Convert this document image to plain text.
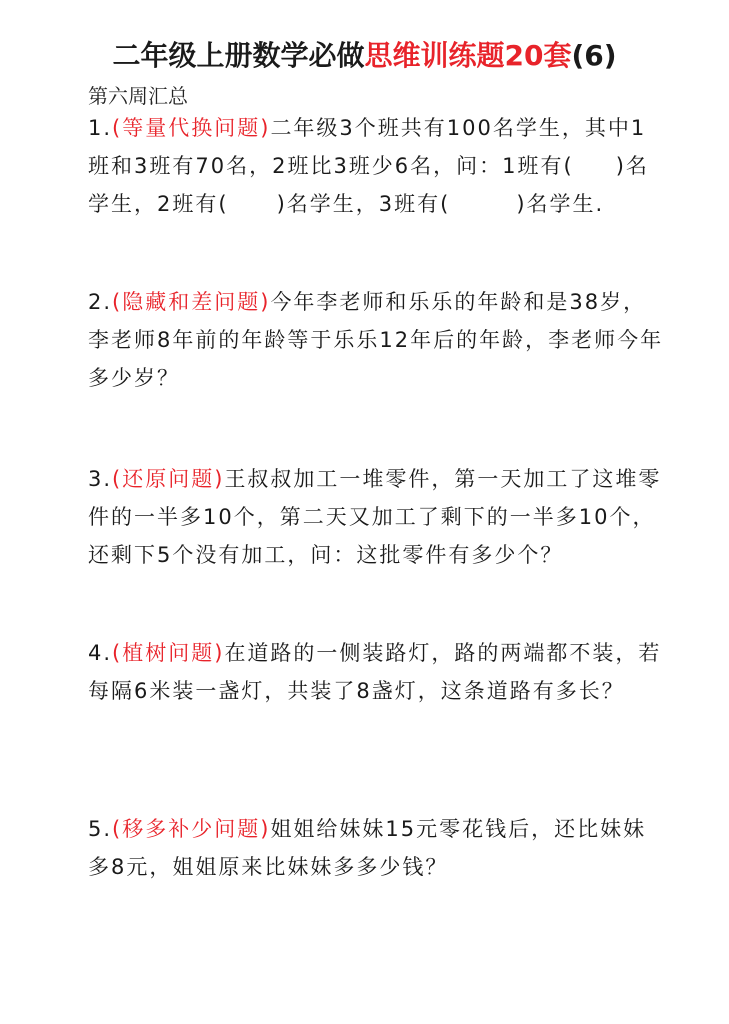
二年级上册数学必做思维训练题20套(6)
第六周汇总
1.(等量代换问题)二年级3个班共有100名学生，其中1班和3班有70名，2班比3班少6名，问：1班有( )名学生，2班有( )名学生，3班有(	)名学生.
2.(隐藏和差问题)今年李老师和乐乐的年龄和是38岁，李老师8年前的年龄等于乐乐12年后的年龄，李老师今年多少岁？
3.(还原问题)王叔叔加工一堆零件，第一天加工了这堆零件的一半多10个，第二天又加工了剩下的一半多10个，还剩下5个没有加工，问：这批零件有多少个？
4.(植树问题)在道路的一侧装路灯，路的两端都不装，若每隔6米装一盏灯，共装了8盏灯，这条道路有多长？
5.(移多补少问题)姐姐给妹妹15元零花钱后，还比妹妹多8元，姐姐原来比妹妹多多少钱？
